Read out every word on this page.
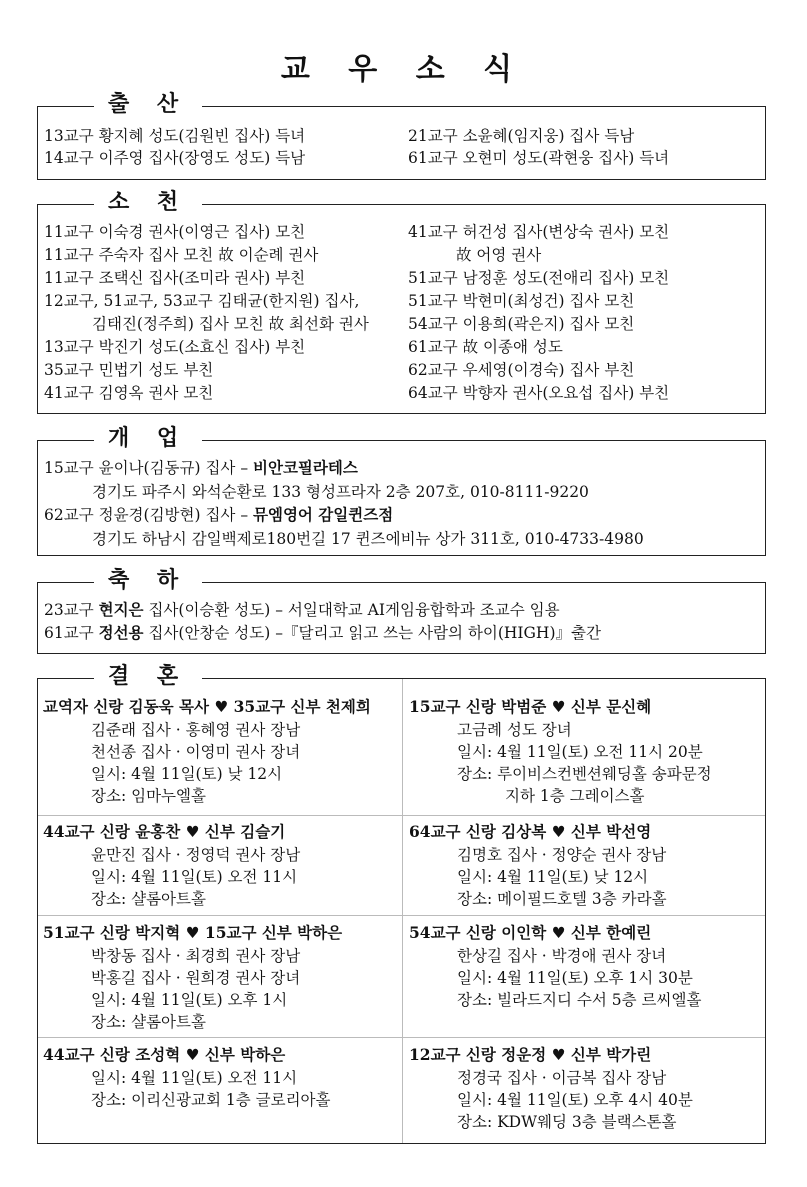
교 우 소 식
출 산
13교구 황지혜 성도(김원빈 집사) 득녀
14교구 이주영 집사(장영도 성도) 득남
21교구 소윤혜(임지웅) 집사 득남
61교구 오현미 성도(곽현웅 집사) 득녀
소 천
11교구 이숙경 권사(이영근 집사) 모친
11교구 주숙자 집사 모친 故 이순례 권사
11교구 조택신 집사(조미라 권사) 부친
12교구, 51교구, 53교구 김태균(한지원) 집사,
김태진(정주희) 집사 모친 故 최선화 권사
13교구 박진기 성도(소효신 집사) 부친
35교구 민법기 성도 부친
41교구 김영옥 권사 모친
41교구 허건성 집사(변상숙 권사) 모친
故 어영 권사
51교구 남정훈 성도(전애리 집사) 모친
51교구 박현미(최성건) 집사 모친
54교구 이용희(곽은지) 집사 모친
61교구 故 이종애 성도
62교구 우세영(이경숙) 집사 부친
64교구 박향자 권사(오요섭 집사) 부친
개 업
15교구 윤이나(김동규) 집사 – 비안코필라테스
경기도 파주시 와석순환로 133 형성프라자 2층 207호, 010-8111-9220
62교구 정윤경(김방현) 집사 – 뮤엠영어 감일퀸즈점
경기도 하남시 감일백제로180번길 17 퀸즈에비뉴 상가 311호, 010-4733-4980
축 하
23교구 현지은 집사(이승환 성도) – 서일대학교 AI게임융합학과 조교수 임용
61교구 정선용 집사(안창순 성도) –『달리고 읽고 쓰는 사람의 하이(HIGH)』출간
결 혼
교역자 신랑 김동욱 목사 ♥ 35교구 신부 천제희
김준래 집사 · 홍혜영 권사 장남
천선종 집사 · 이영미 권사 장녀
일시: 4월 11일(토) 낮 12시
장소: 임마누엘홀
15교구 신랑 박범준 ♥ 신부 문신혜
고금례 성도 장녀
일시: 4월 11일(토) 오전 11시 20분
장소: 루이비스컨벤션웨딩홀 송파문정
지하 1층 그레이스홀
44교구 신랑 윤홍찬 ♥ 신부 김슬기
윤만진 집사 · 정영덕 권사 장남
일시: 4월 11일(토) 오전 11시
장소: 샬롬아트홀
64교구 신랑 김상복 ♥ 신부 박선영
김명호 집사 · 정양순 권사 장남
일시: 4월 11일(토) 낮 12시
장소: 메이필드호텔 3층 카라홀
51교구 신랑 박지혁 ♥ 15교구 신부 박하은
박창동 집사 · 최경희 권사 장남
박홍길 집사 · 원희경 권사 장녀
일시: 4월 11일(토) 오후 1시
장소: 샬롬아트홀
54교구 신랑 이인학 ♥ 신부 한예린
한상길 집사 · 박경애 권사 장녀
일시: 4월 11일(토) 오후 1시 30분
장소: 빌라드지디 수서 5층 르씨엘홀
44교구 신랑 조성혁 ♥ 신부 박하은
일시: 4월 11일(토) 오전 11시
장소: 이리신광교회 1층 글로리아홀
12교구 신랑 정운정 ♥ 신부 박가린
정경국 집사 · 이금복 집사 장남
일시: 4월 11일(토) 오후 4시 40분
장소: KDW웨딩 3층 블랙스톤홀
